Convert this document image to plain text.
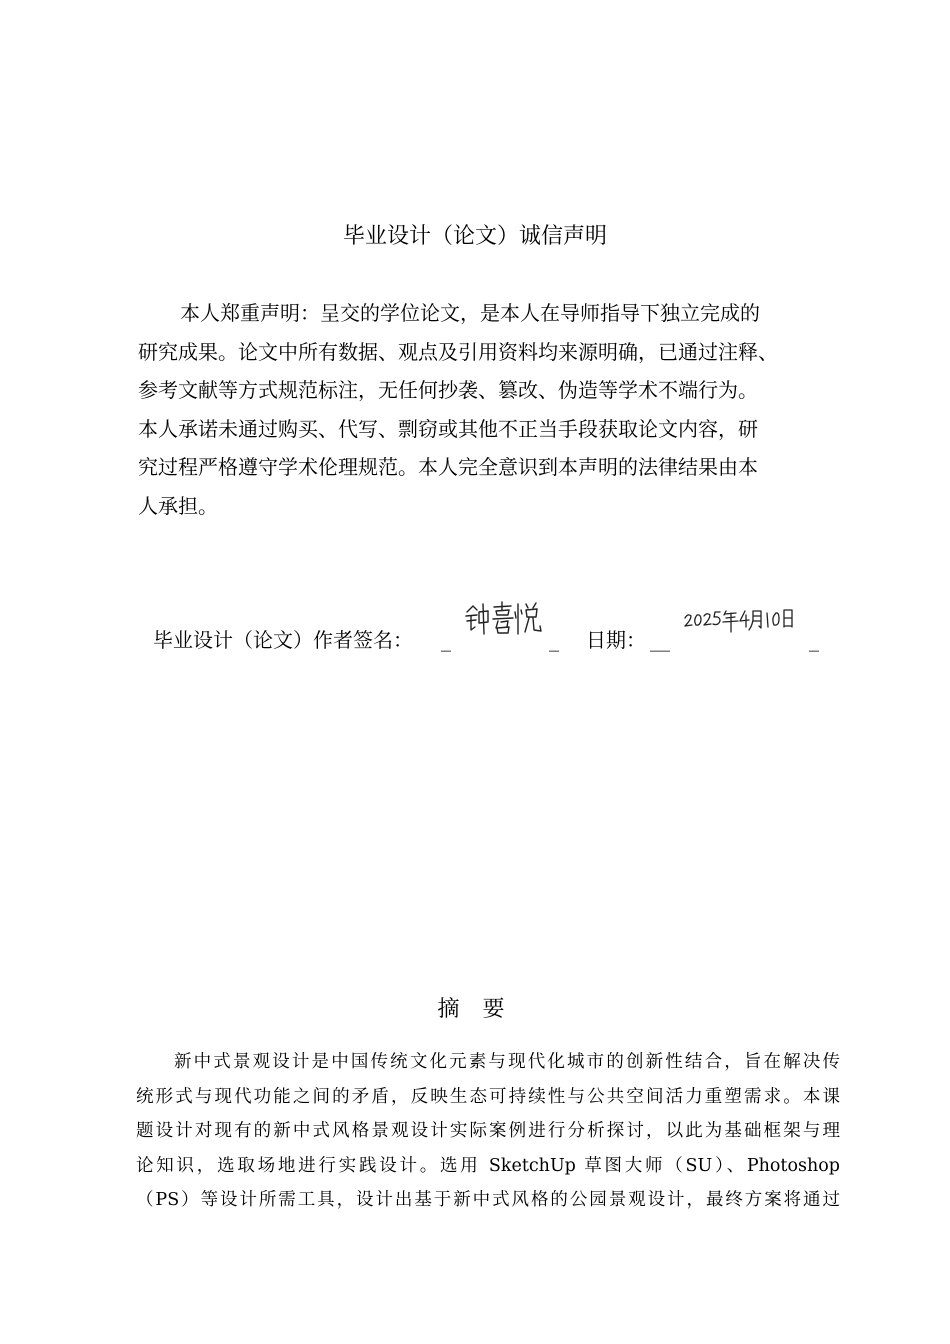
毕业设计（论文）诚信声明
本人郑重声明：呈交的学位论文，是本人在导师指导下独立完成的
研究成果。论文中所有数据、观点及引用资料均来源明确，已通过注释、
参考文献等方式规范标注，无任何抄袭、篡改、伪造等学术不端行为。
本人承诺未通过购买、代写、剽窃或其他不正当手段获取论文内容，研
究过程严格遵守学术伦理规范。本人完全意识到本声明的法律结果由本
人承担。
毕业设计（论文）作者签名： _	_ 日期： __	_
摘 要
新中式景观设计是中国传统文化元素与现代化城市的创新性结合，旨在解决传
统形式与现代功能之间的矛盾，反映生态可持续性与公共空间活力重塑需求。本课
题设计对现有的新中式风格景观设计实际案例进行分析探讨，以此为基础框架与理
论知识，选取场地进行实践设计。选用 SketchUp 草图大师（SU）、Photoshop
（PS）等设计所需工具，设计出基于新中式风格的公园景观设计，最终方案将通过
